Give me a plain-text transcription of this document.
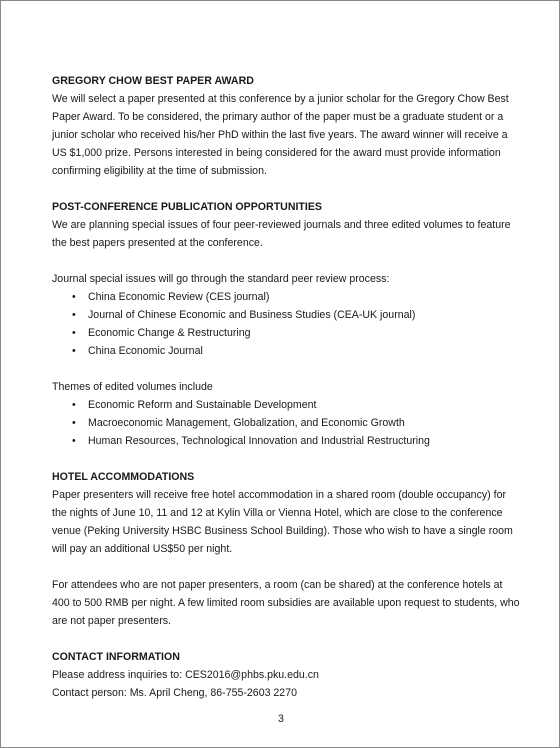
GREGORY CHOW BEST PAPER AWARD

We will select a paper presented at this conference by a junior scholar for the Gregory Chow Best Paper Award. To be considered, the primary author of the paper must be a graduate student or a junior scholar who received his/her PhD within the last five years. The award winner will receive a US $1,000 prize. Persons interested in being considered for the award must provide information confirming eligibility at the time of submission.

POST-CONFERENCE PUBLICATION OPPORTUNITIES

We are planning special issues of four peer-reviewed journals and three edited volumes to feature the best papers presented at the conference.

Journal special issues will go through the standard peer review process:

• China Economic Review (CES journal)
• Journal of Chinese Economic and Business Studies (CEA-UK journal)
• Economic Change & Restructuring
• China Economic Journal

Themes of edited volumes include

• Economic Reform and Sustainable Development
• Macroeconomic Management, Globalization, and Economic Growth
• Human Resources, Technological Innovation and Industrial Restructuring

HOTEL ACCOMMODATIONS

Paper presenters will receive free hotel accommodation in a shared room (double occupancy) for the nights of June 10, 11 and 12 at Kylin Villa or Vienna Hotel, which are close to the conference venue (Peking University HSBC Business School Building). Those who wish to have a single room will pay an additional US$50 per night.

For attendees who are not paper presenters, a room (can be shared) at the conference hotels at 400 to 500 RMB per night. A few limited room subsidies are available upon request to students, who are not paper presenters.

CONTACT INFORMATION

Please address inquiries to: CES2016@phbs.pku.edu.cn

Contact person: Ms. April Cheng, 86-755-2603 2270

3
